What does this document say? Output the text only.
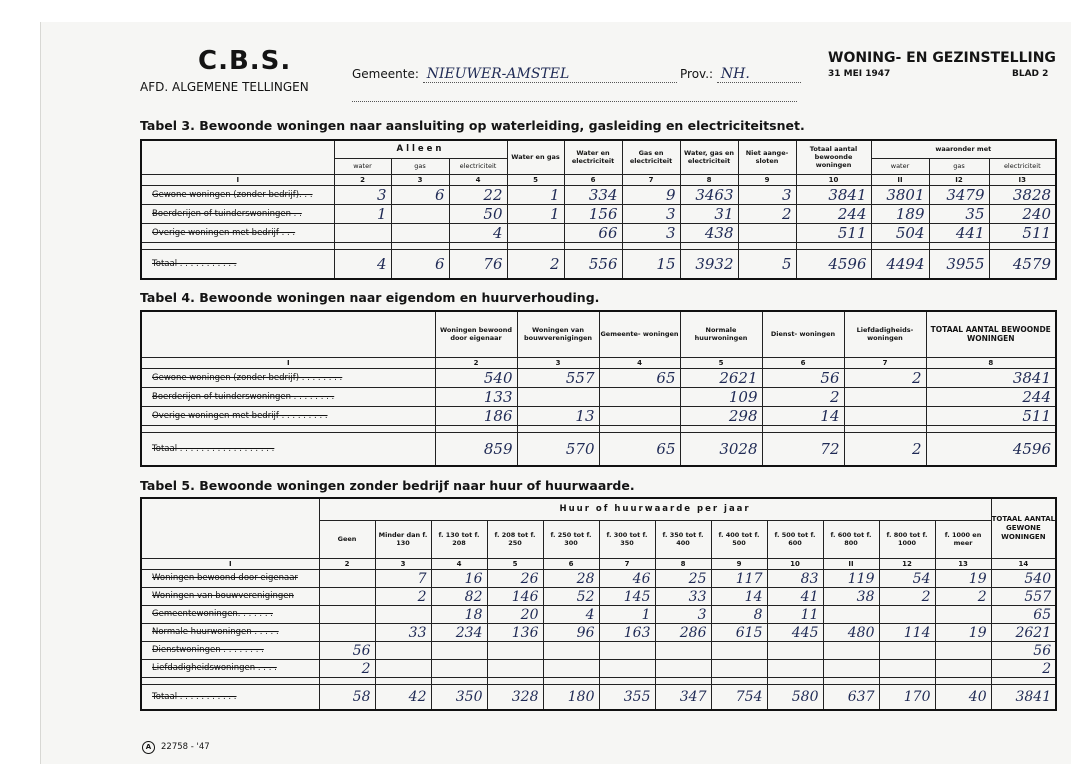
C.B.S.
AFD. ALGEMENE TELLINGEN
Gemeente: NIEUWER-AMSTEL	Prov.: NH.
WONING- EN GEZINSTELLING
31 MEI 1947	BLAD 2
Tabel 3. Bewoonde woningen naar aansluiting op waterleiding, gasleiding en electriciteitsnet.
	Alleen			Water en gas	Water en electriciteit	Gas en electriciteit	Water, gas en electriciteit	Niet aange- sloten	Totaal aantal bewoonde woningen	waaronder met		
	water	gas	electriciteit							water	gas	electriciteit
I	2	3	4	5	6	7	8	9	10	II	I2	I3
Gewone woningen (zonder bedrijf). . .	3	6	22	1	334	9	3463	3	3841	3801	3479	3828
Boerderijen of tuinderswoningen . .	1		50	1	156	3	31	2	244	189	35	240
Overige woningen met bedrijf . . .			4		66	3	438		511	504	441	511

Totaal . . . . . . . . . . .	4	6	76	2	556	15	3932	5	4596	4494	3955	4579
Tabel 4. Bewoonde woningen naar eigendom en huurverhouding.
	Woningen bewoond door eigenaar	Woningen van bouwverenigingen	Gemeente- woningen	Normale huurwoningen	Dienst- woningen	Liefdadigheids- woningen	TOTAAL AANTAL BEWOONDE WONINGEN
I	2	3	4	5	6	7	8
Gewone woningen (zonder bedrijf) . . . . . . . .	540	557	65	2621	56	2	3841
Boerderijen of tuinderswoningen . . . . . . . .	133			109	2		244
Overige woningen met bedrijf . . . . . . . . .	186	13		298	14		511

Totaal . . . . . . . . . . . . . . . . . .	859	570	65	3028	72	2	4596
Tabel 5. Bewoonde woningen zonder bedrijf naar huur of huurwaarde.
	Huur of huurwaarde per jaar												TOTAAL AANTAL GEWONE WONINGEN
	Geen	Minder dan f. 130	f. 130 tot f. 208	f. 208 tot f. 250	f. 250 tot f. 300	f. 300 tot f. 350	f. 350 tot f. 400	f. 400 tot f. 500	f. 500 tot f. 600	f. 600 tot f. 800	f. 800 tot f. 1000	f. 1000 en meer	
I	2	3	4	5	6	7	8	9	10	II	12	13	14
Woningen bewoond door eigenaar		7	16	26	28	46	25	117	83	119	54	19	540
Woningen van bouwverenigingen		2	82	146	52	145	33	14	41	38	2	2	557
Gemeentewoningen. . . . . . .			18	20	4	1	3	8	11				65
Normale huurwoningen . . . . .		33	234	136	96	163	286	615	445	480	114	19	2621
Dienstwoningen . . . . . . . .	56												56
Liefdadigheidswoningen . . . .	2												2

Totaal . . . . . . . . . . .	58	42	350	328	180	355	347	754	580	637	170	40	3841
A 22758 - '47
